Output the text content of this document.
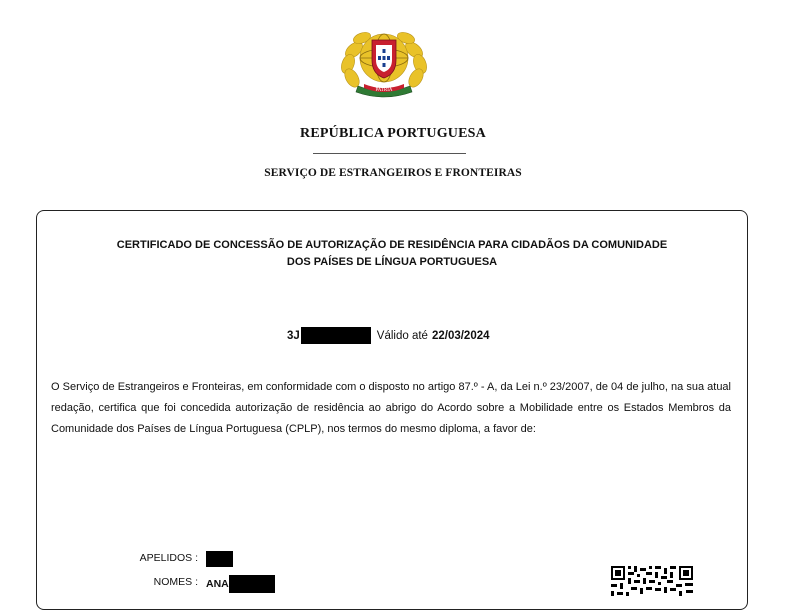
PATRIA
REPÚBLICA PORTUGUESA
SERVIÇO DE ESTRANGEIROS E FRONTEIRAS
CERTIFICADO DE CONCESSÃO DE AUTORIZAÇÃO DE RESIDÊNCIA PARA CIDADÃOS DA COMUNIDADE
DOS PAÍSES DE LÍNGUA PORTUGUESA
3J	Válido até 22/03/2024
O Serviço de Estrangeiros e Fronteiras, em conformidade com o disposto no artigo 87.º - A, da Lei n.º 23/2007, de 04 de julho, na sua atual redação, certifica que foi concedida autorização de residência ao abrigo do Acordo sobre a Mobilidade entre os Estados Membros da Comunidade dos Países de Língua Portuguesa (CPLP), nos termos do mesmo diploma, a favor de:
APELIDOS :
NOMES : ANA
